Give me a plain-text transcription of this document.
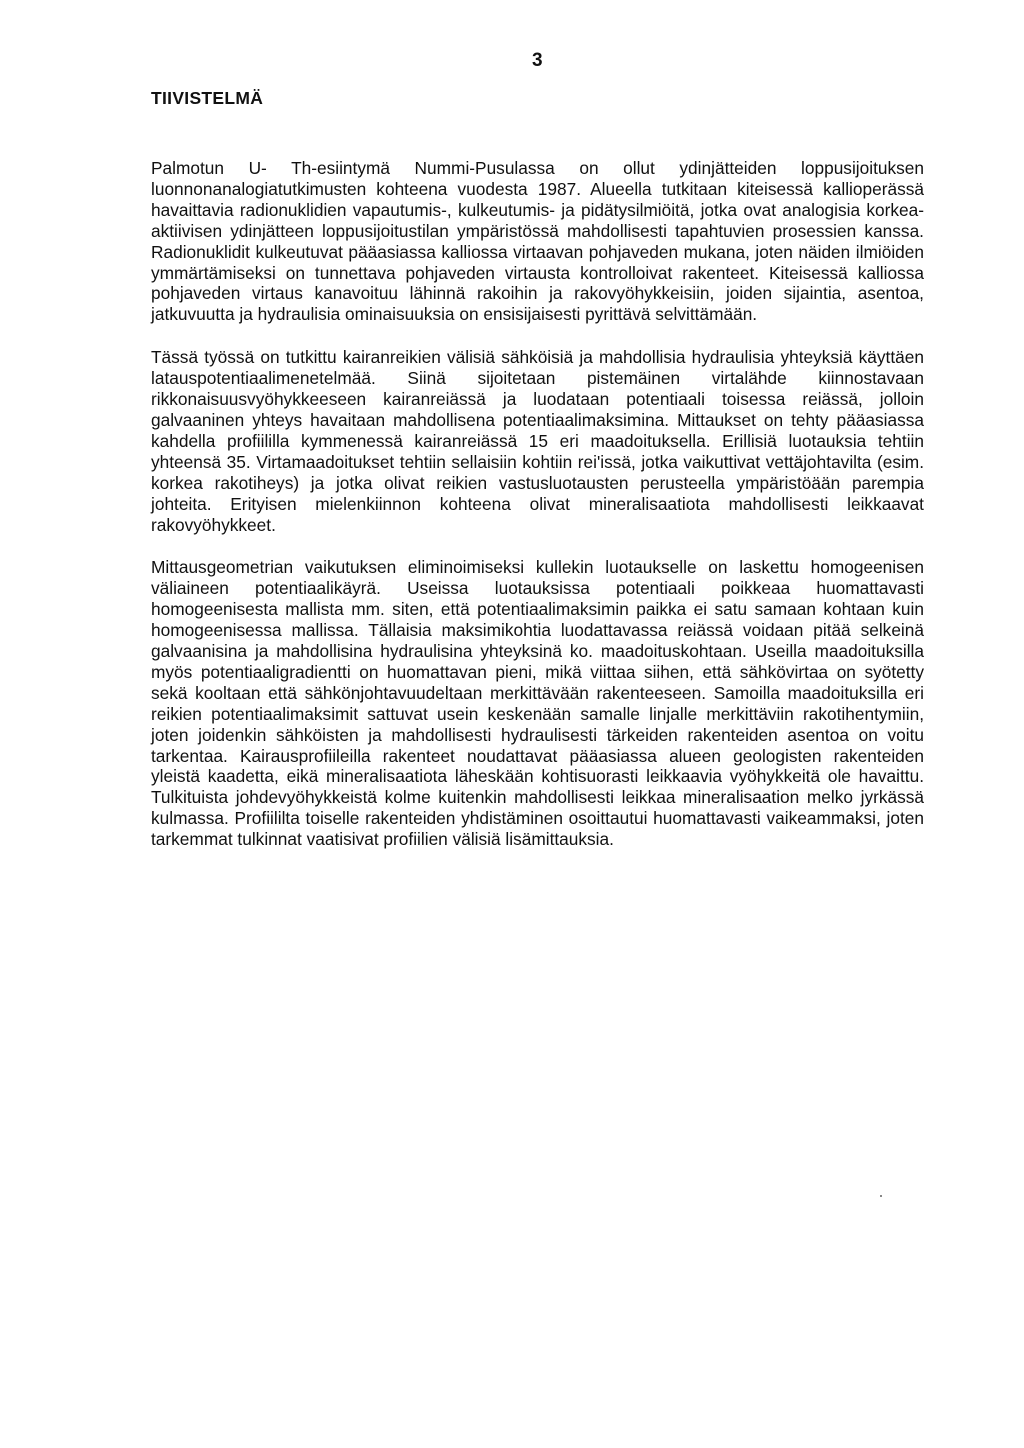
3
TIIVISTELMÄ

Palmotun U- Th-esiintymä Nummi-Pusulassa on ollut ydinjätteiden loppusijoituksen luonnonanalogiatutkimusten kohteena vuodesta 1987. Alueella tutkitaan kiteisessä kallioperässä havaittavia radionuklidien vapautumis-, kulkeutumis- ja pidätysilmiöitä, jotka ovat analogisia korkea-aktiivisen ydinjätteen loppusijoitustilan ympäristössä mahdollisesti tapahtuvien prosessien kanssa. Radionuklidit kulkeutuvat pääasiassa kalliossa virtaavan pohjaveden mukana, joten näiden ilmiöiden ymmärtämiseksi on tunnettava pohjaveden virtausta kontrolloivat rakenteet. Kiteisessä kalliossa pohjaveden virtaus kanavoituu lähinnä rakoihin ja rakovyöhykkeisiin, joiden sijaintia, asentoa, jatkuvuutta ja hydraulisia ominaisuuksia on ensisijaisesti pyrittävä selvittämään.

Tässä työssä on tutkittu kairanreikien välisiä sähköisiä ja mahdollisia hydraulisia yhteyksiä käyttäen latauspotentiaalimenetelmää. Siinä sijoitetaan pistemäinen virtalähde kiinnostavaan rikkonaisuusvyöhykkeeseen kairanreiässä ja luodataan potentiaali toisessa reiässä, jolloin galvaaninen yhteys havaitaan mahdollisena potentiaalimaksimina. Mittaukset on tehty pääasiassa kahdella profiililla kymmenessä kairanreiässä 15 eri maadoituksella. Erillisiä luotauksia tehtiin yhteensä 35. Virtamaadoitukset tehtiin sellaisiin kohtiin rei'issä, jotka vaikuttivat vettäjohtavilta (esim. korkea rakotiheys) ja jotka olivat reikien vastusluotausten perusteella ympäristöään parempia johteita. Erityisen mielenkiinnon kohteena olivat mineralisaatiota mahdollisesti leikkaavat rakovyöhykkeet.

Mittausgeometrian vaikutuksen eliminoimiseksi kullekin luotaukselle on laskettu homogeenisen väliaineen potentiaalikäyrä. Useissa luotauksissa potentiaali poikkeaa huomattavasti homogeenisesta mallista mm. siten, että potentiaalimaksimin paikka ei satu samaan kohtaan kuin homogeenisessa mallissa. Tällaisia maksimikohtia luodattavassa reiässä voidaan pitää selkeinä galvaanisina ja mahdollisina hydraulisina yhteyksinä ko. maadoituskohtaan. Useilla maadoituksilla myös potentiaaligradientti on huomattavan pieni, mikä viittaa siihen, että sähkövirtaa on syötetty sekä kooltaan että sähkönjohtavuudeltaan merkittävään rakenteeseen. Samoilla maadoituksilla eri reikien potentiaalimaksimit sattuvat usein keskenään samalle linjalle merkittäviin rakotihentymiin, joten joidenkin sähköisten ja mahdollisesti hydraulisesti tärkeiden rakenteiden asentoa on voitu tarkentaa. Kairausprofiileilla rakenteet noudattavat pääasiassa alueen geologisten rakenteiden yleistä kaadetta, eikä mineralisaatiota läheskään kohtisuorasti leikkaavia vyöhykkeitä ole havaittu. Tulkituista johdevyöhykkeistä kolme kuitenkin mahdollisesti leikkaa mineralisaation melko jyrkässä kulmassa. Profiililta toiselle rakenteiden yhdistäminen osoittautui huomattavasti vaikeammaksi, joten tarkemmat tulkinnat vaatisivat profiilien välisiä lisämittauksia.
